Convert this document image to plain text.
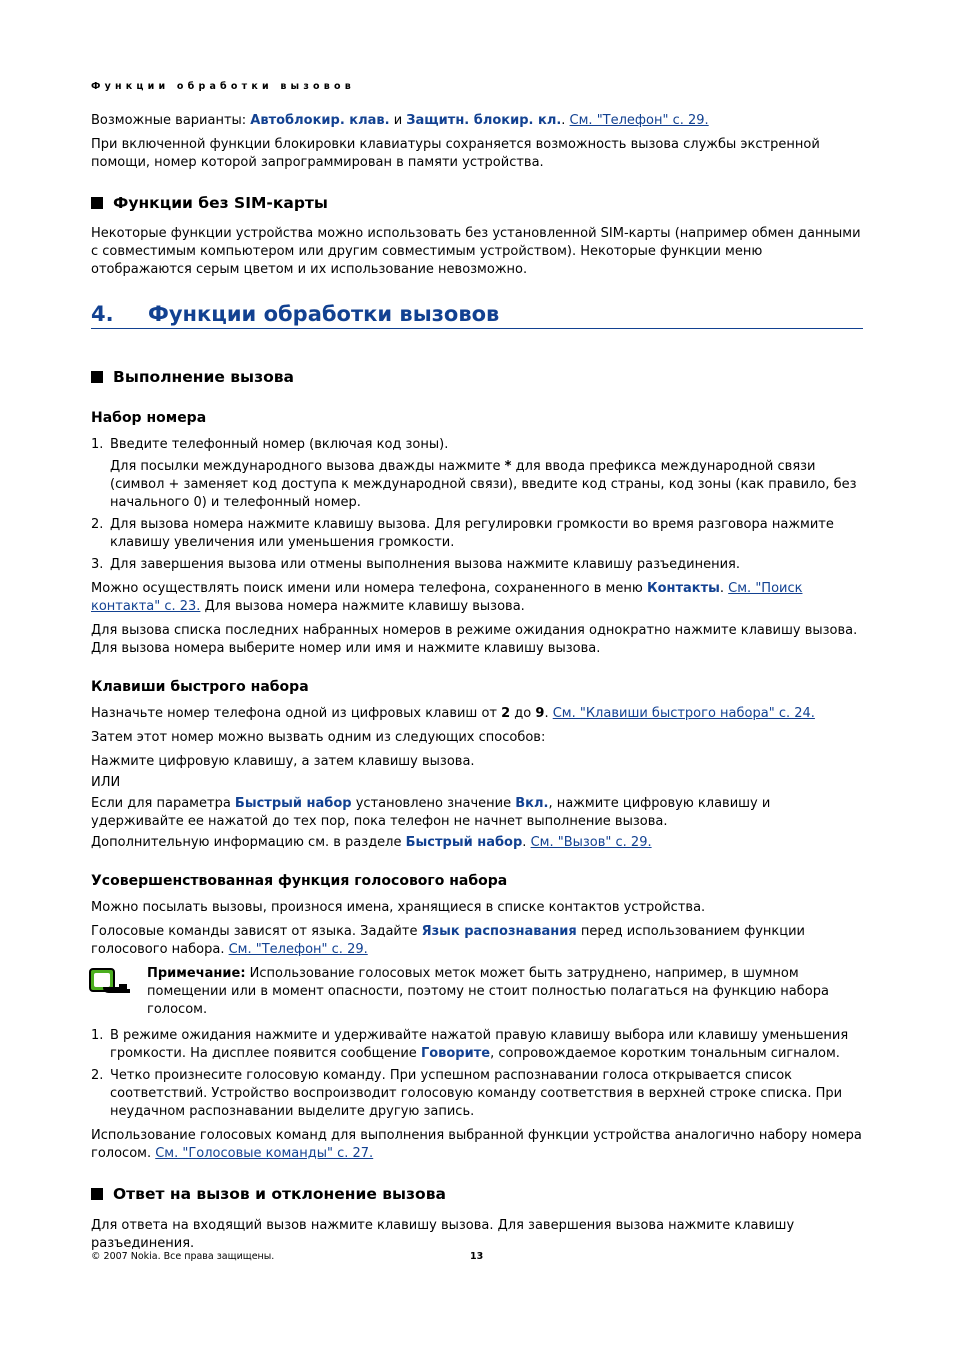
Функции обработки вызовов

Возможные варианты: Автоблокир. клав. и Защитн. блокир. кл.. См. "Телефон" с. 29.

При включенной функции блокировки клавиатуры сохраняется возможность вызова службы экстренной помощи, номер которой запрограммирован в памяти устройства.

Функции без SIM-карты

Некоторые функции устройства можно использовать без установленной SIM-карты (например обмен данными с совместимым компьютером или другим совместимым устройством). Некоторые функции меню отображаются серым цветом и их использование невозможно.

4.	Функции обработки вызовов
Выполнение вызова
Набор номера
1. Введите телефонный номер (включая код зоны).

Для посылки международного вызова дважды нажмите * для ввода префикса международной связи (символ + заменяет код доступа к международной связи), введите код страны, код зоны (как правило, без начального 0) и телефонный номер.

2. Для вызова номера нажмите клавишу вызова. Для регулировки громкости во время разговора нажмите клавишу увеличения или уменьшения громкости.

3. Для завершения вызова или отмены выполнения вызова нажмите клавишу разъединения.

Можно осуществлять поиск имени или номера телефона, сохраненного в меню Контакты. См. "Поиск контакта" с. 23. Для вызова номера нажмите клавишу вызова.

Для вызова списка последних набранных номеров в режиме ожидания однократно нажмите клавишу вызова. Для вызова номера выберите номер или имя и нажмите клавишу вызова.

Клавиши быстрого набора

Назначьте номер телефона одной из цифровых клавиш от 2 до 9. См. "Клавиши быстрого набора" с. 24.

Затем этот номер можно вызвать одним из следующих способов:

Нажмите цифровую клавишу, а затем клавишу вызова.

ИЛИ

Если для параметра Быстрый набор установлено значение Вкл., нажмите цифровую клавишу и удерживайте ее нажатой до тех пор, пока телефон не начнет выполнение вызова.

Дополнительную информацию см. в разделе Быстрый набор. См. "Вызов" с. 29.

Усовершенствованная функция голосового набора

Можно посылать вызовы, произнося имена, хранящиеся в списке контактов устройства.

Голосовые команды зависят от языка. Задайте Язык распознавания перед использованием функции голосового набора. См. "Телефон" с. 29.

Примечание: Использование голосовых меток может быть затруднено, например, в шумном помещении или в момент опасности, поэтому не стоит полностью полагаться на функцию набора голосом.
1. В режиме ожидания нажмите и удерживайте нажатой правую клавишу выбора или клавишу уменьшения громкости. На дисплее появится сообщение Говорите, сопровождаемое коротким тональным сигналом.

2. Четко произнесите голосовую команду. При успешном распознавании голоса открывается список соответствий. Устройство воспроизводит голосовую команду соответствия в верхней строке списка. При неудачном распознавании выделите другую запись.

Использование голосовых команд для выполнения выбранной функции устройства аналогично набору номера голосом. См. "Голосовые команды" с. 27.

Ответ на вызов и отклонение вызова

Для ответа на входящий вызов нажмите клавишу вызова. Для завершения вызова нажмите клавишу разъединения.

© 2007 Nokia. Все права защищены.	13
